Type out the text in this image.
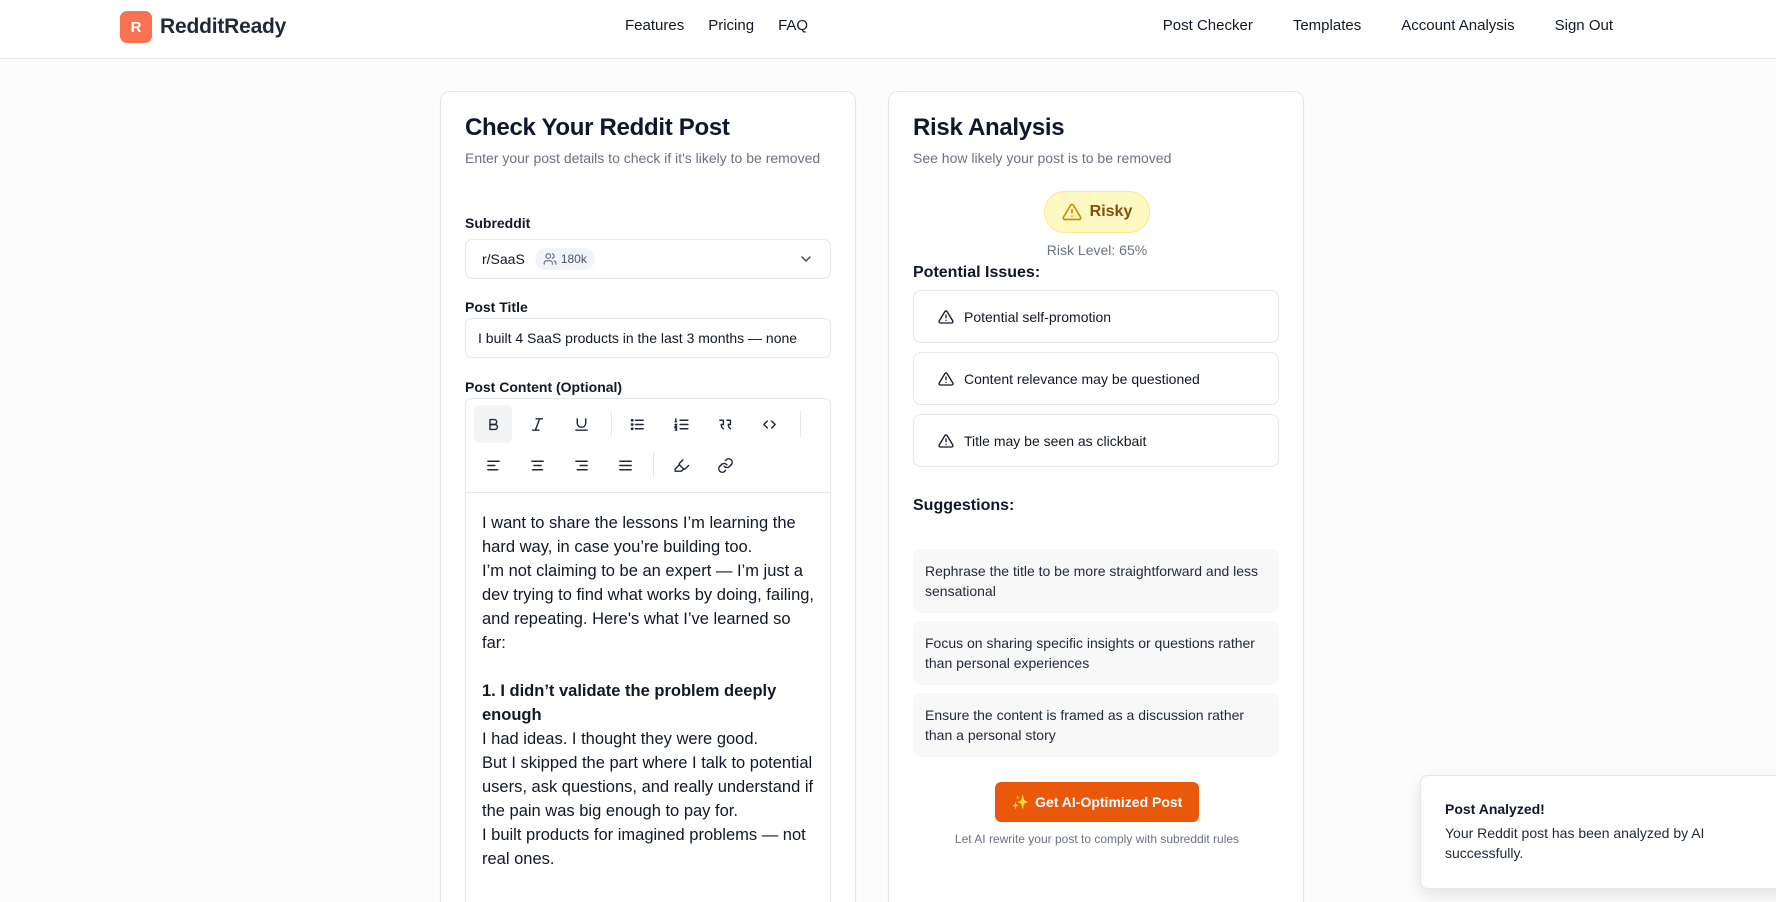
R RedditReady	Features Pricing FAQ	Post Checker	Templates	Account Analysis	Sign Out
Check Your Reddit Post
Enter your post details to check if it's likely to be removed
Subreddit
r/SaaS	180k
Post Title
I built 4 SaaS products in the last 3 months — none
Post Content (Optional)

I want to share the lessons I’m learning the hard way, in case you’re building too.

I’m not claiming to be an expert — I’m just a dev trying to find what works by doing, failing, and repeating. Here's what I’ve learned so far:

1. I didn’t validate the problem deeply enough

I had ideas. I thought they were good.

But I skipped the part where I talk to potential users, ask questions, and really understand if the pain was big enough to pay for.

I built products for imagined problems — not real ones.

Risk Analysis
See how likely your post is to be removed
Risky
Risk Level: 65%
Potential Issues:
Potential self-promotion
Content relevance may be questioned
Title may be seen as clickbait
Suggestions:
Rephrase the title to be more straightforward and less sensational
Focus on sharing specific insights or questions rather than personal experiences
Ensure the content is framed as a discussion rather than a personal story
✨ Get AI-Optimized Post
Let AI rewrite your post to comply with subreddit rules
Post Analyzed!
Your Reddit post has been analyzed by AI successfully.
